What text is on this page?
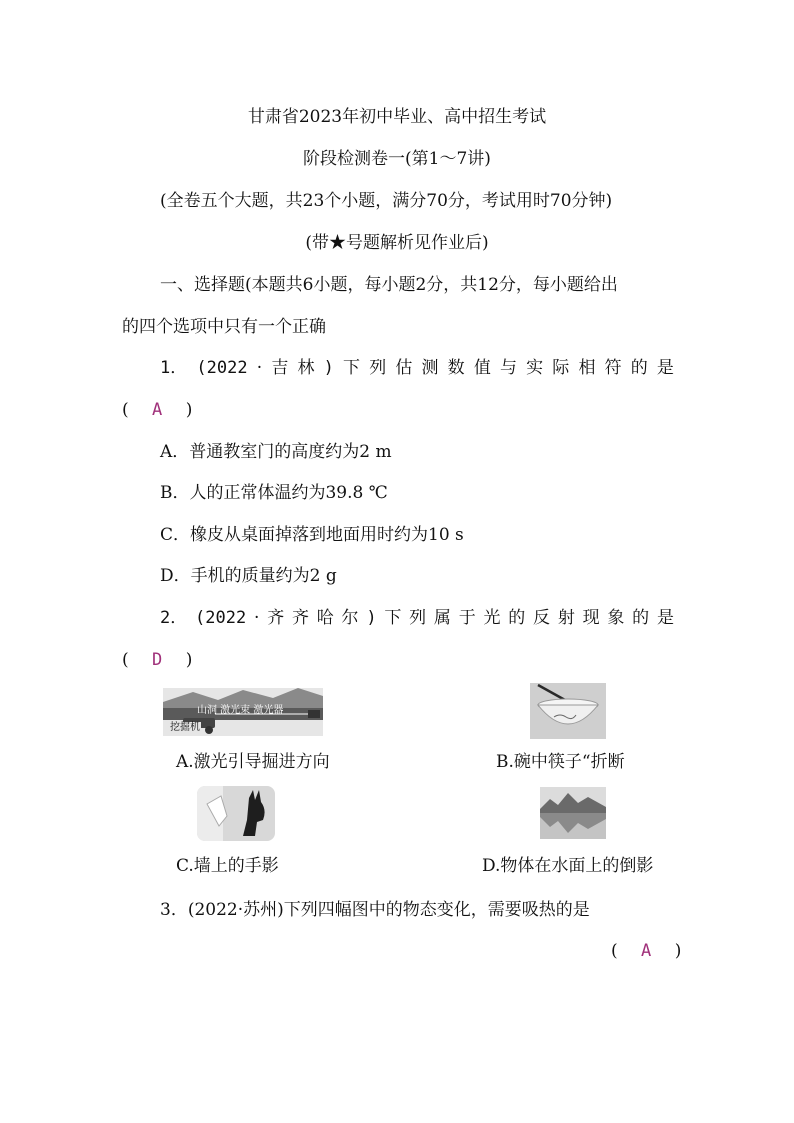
甘肃省2023年初中毕业、高中招生考试
阶段检测卷一(第1～7讲)
(全卷五个大题，共23个小题，满分70分，考试用时70分钟)
(带★号题解析见作业后)
一、选择题(本题共6小题，每小题2分，共12分，每小题给出
的四个选项中只有一个正确
1． (2022 · 吉 林 ) 下 列 估 测 数 值 与 实 际 相 符 的 是
( A )
A．普通教室门的高度约为2 m
B．人的正常体温约为39.8 ℃
C．橡皮从桌面掉落到地面用时约为10 s
D．手机的质量约为2 g
2． (2022 · 齐 齐 哈 尔 ) 下 列 属 于 光 的 反 射 现 象 的 是
( D )
山洞 激光束 激光器
挖掘机
A.激光引导掘进方向	B.碗中筷子“折断
C.墙上的手影	D.物体在水面上的倒影
3．(2022·苏州)下列四幅图中的物态变化，需要吸热的是
( A )
